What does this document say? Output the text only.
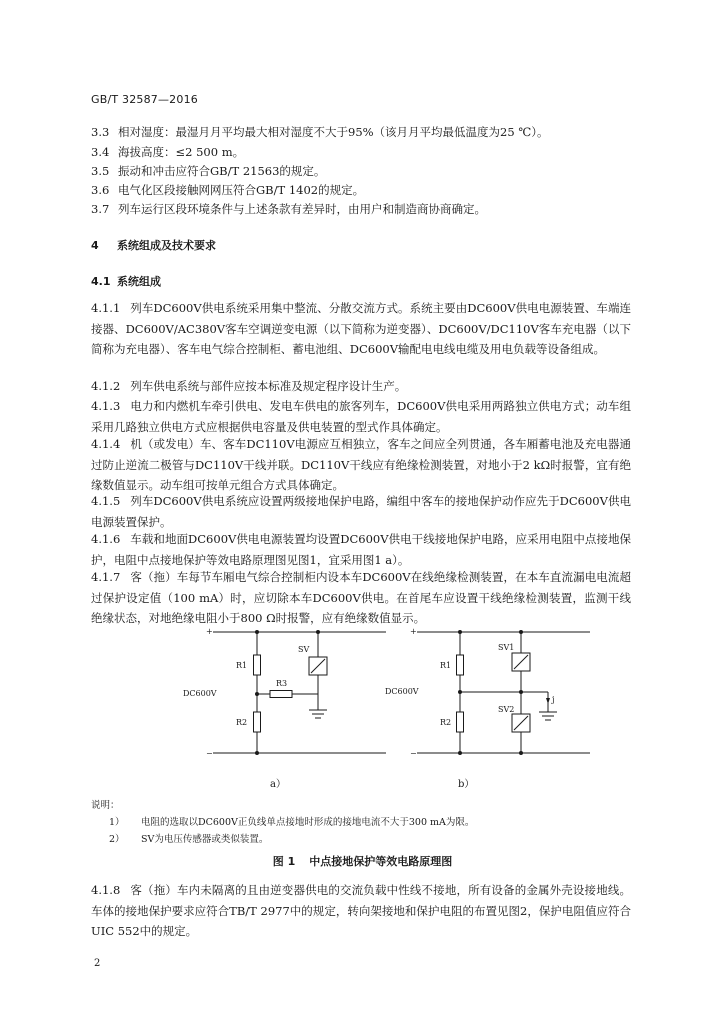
GB/T 32587—2016
3.3 相对湿度：最湿月月平均最大相对湿度不大于95%（该月月平均最低温度为25 ℃）。
3.4 海拔高度：≤2 500 m。
3.5 振动和冲击应符合GB/T 21563的规定。
3.6 电气化区段接触网网压符合GB/T 1402的规定。
3.7 列车运行区段环境条件与上述条款有差异时，由用户和制造商协商确定。
4 系统组成及技术要求
4.1 系统组成
4.1.1 列车DC600V供电系统采用集中整流、分散交流方式。系统主要由DC600V供电电源装置、车端连接器、DC600V/AC380V客车空调逆变电源（以下简称为逆变器）、DC600V/DC110V客车充电器（以下简称为充电器）、客车电气综合控制柜、蓄电池组、DC600V输配电电线电缆及用电负载等设备组成。
4.1.2 列车供电系统与部件应按本标准及规定程序设计生产。
4.1.3 电力和内燃机车牵引供电、发电车供电的旅客列车，DC600V供电采用两路独立供电方式；动车组采用几路独立供电方式应根据供电容量及供电装置的型式作具体确定。
4.1.4 机（或发电）车、客车DC110V电源应互相独立，客车之间应全列贯通，各车厢蓄电池及充电器通过防止逆流二极管与DC110V干线并联。DC110V干线应有绝缘检测装置，对地小于2 kΩ时报警，宜有绝缘数值显示。动车组可按单元组合方式具体确定。
4.1.5 列车DC600V供电系统应设置两级接地保护电路，编组中客车的接地保护动作应先于DC600V供电电源装置保护。
4.1.6 车载和地面DC600V供电电源装置均设置DC600V供电干线接地保护电路，应采用电阻中点接地保护，电阻中点接地保护等效电路原理图见图1，宜采用图1 a）。
4.1.7 客（拖）车每节车厢电气综合控制柜内设本车DC600V在线绝缘检测装置，在本车直流漏电电流超过保护设定值（100 mA）时，应切除本车DC600V供电。在首尾车应设置干线绝缘检测装置，监测干线绝缘状态，对地绝缘电阻小于800 Ω时报警，应有绝缘数值显示。
+
−
DC600V
R1
R2
R3
SV
+
−
DC600V
R1
R2
SV1
SV2
j
a）	b）
说明：
1） 电阻的选取以DC600V正负线单点接地时形成的接地电流不大于300 mA为限。
2） SV为电压传感器或类似装置。
图 1 中点接地保护等效电路原理图
4.1.8 客（拖）车内未隔离的且由逆变器供电的交流负载中性线不接地，所有设备的金属外壳设接地线。车体的接地保护要求应符合TB/T 2977中的规定，转向架接地和保护电阻的布置见图2，保护电阻值应符合UIC 552中的规定。
2
